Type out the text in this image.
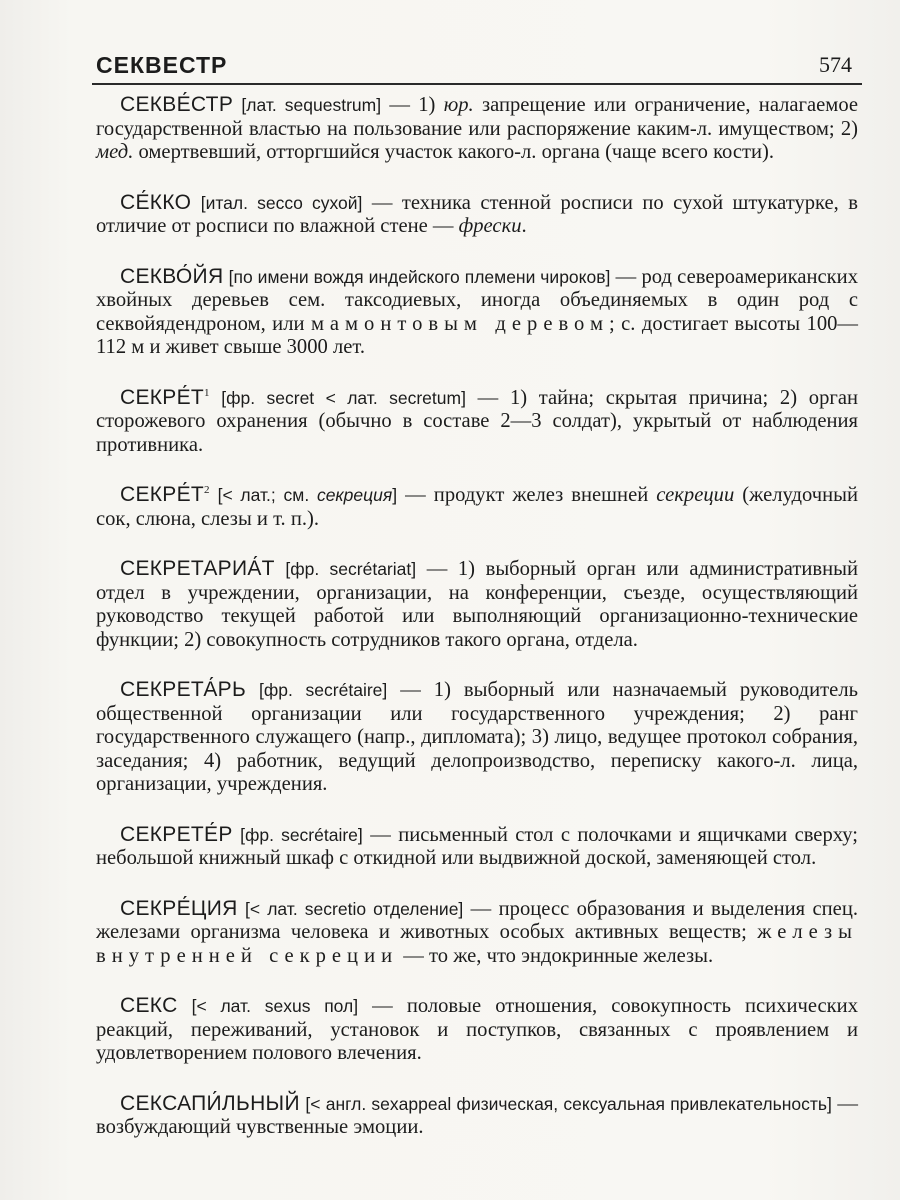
СЕКВЕСТР	574

СЕКВЕ́СТР [лат. sequestrum] — 1) юр. запрещение или ограничение, налагаемое государственной властью на пользование или распоряжение каким-л. имуществом; 2) мед. омертвевший, отторгшийся участок какого-л. органа (чаще всего кости).

СЕ́ККО [итал. secco сухой] — техника стенной росписи по сухой штукатурке, в отличие от росписи по влажной стене — фрески.

СЕКВО́ЙЯ [по имени вождя индейского племени чироков] — род североамериканских хвойных деревьев сем. таксодиевых, иногда объединяемых в один род с секвойядендроном, или мамонтовым деревом; с. достигает высоты 100—112 м и живет свыше 3000 лет.

$СЕКРЕ́Т^1$ [фр. secret < лат. secretum] — 1) тайна; скрытая причина; 2) орган сторожевого охранения (обычно в составе 2—3 солдат), укрытый от наблюдения противника.

$СЕКРЕ́Т^2$ [< лат.; см. секреция] — продукт желез внешней секреции (желудочный сок, слюна, слезы и т. п.).

СЕКРЕТАРИА́Т [фр. secrétariat] — 1) выборный орган или административный отдел в учреждении, организации, на конференции, съезде, осуществляющий руководство текущей работой или выполняющий организационно-технические функции; 2) совокупность сотрудников такого органа, отдела.

СЕКРЕТА́РЬ [фр. secrétaire] — 1) выборный или назначаемый руководитель общественной организации или государственного учреждения; 2) ранг государственного служащего (напр., дипломата); 3) лицо, ведущее протокол собрания, заседания; 4) работник, ведущий делопроизводство, переписку какого-л. лица, организации, учреждения.

СЕКРЕТЕ́Р [фр. secrétaire] — письменный стол с полочками и ящичками сверху; небольшой книжный шкаф с откидной или выдвижной доской, заменяющей стол.

СЕКРЕ́ЦИЯ [< лат. secretio отделение] — процесс образования и выделения спец. железами организма человека и животных особых активных веществ; железы внутренней секреции — то же, что эндокринные железы.

СЕКС [< лат. sexus пол] — половые отношения, совокупность психических реакций, переживаний, установок и поступков, связанных с проявлением и удовлетворением полового влечения.

СЕКСАПИ́ЛЬНЫЙ [< англ. sexappeal физическая, сексуальная привлекательность] — возбуждающий чувственные эмоции.
